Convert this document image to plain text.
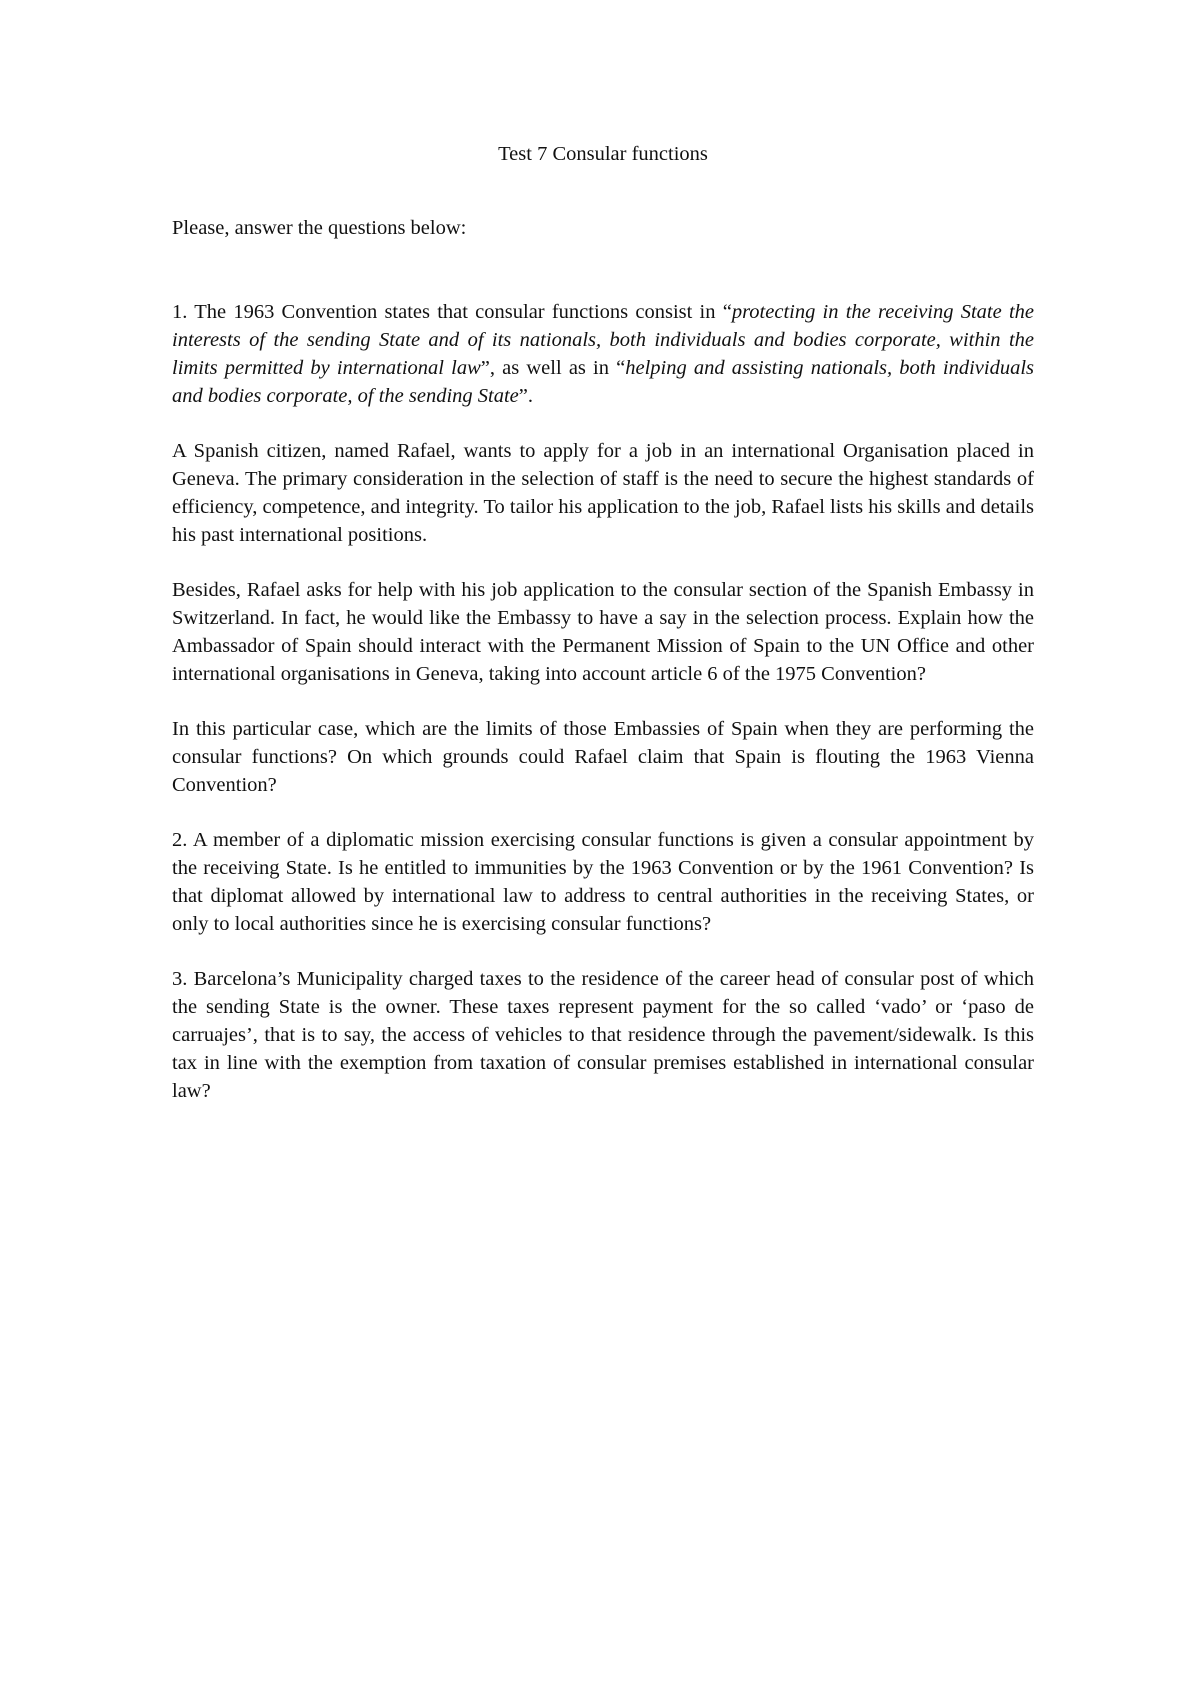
Test 7 Consular functions
Please, answer the questions below:

1. The 1963 Convention states that consular functions consist in “protecting in the receiving State the interests of the sending State and of its nationals, both individuals and bodies corporate, within the limits permitted by international law”, as well as in “helping and assisting nationals, both individuals and bodies corporate, of the sending State”.

A Spanish citizen, named Rafael, wants to apply for a job in an international Organisation placed in Geneva. The primary consideration in the selection of staff is the need to secure the highest standards of efficiency, competence, and integrity. To tailor his application to the job, Rafael lists his skills and details his past international positions.

Besides, Rafael asks for help with his job application to the consular section of the Spanish Embassy in Switzerland. In fact, he would like the Embassy to have a say in the selection process. Explain how the Ambassador of Spain should interact with the Permanent Mission of Spain to the UN Office and other international organisations in Geneva, taking into account article 6 of the 1975 Convention?

In this particular case, which are the limits of those Embassies of Spain when they are performing the consular functions? On which grounds could Rafael claim that Spain is flouting the 1963 Vienna Convention?

2. A member of a diplomatic mission exercising consular functions is given a consular appointment by the receiving State. Is he entitled to immunities by the 1963 Convention or by the 1961 Convention? Is that diplomat allowed by international law to address to central authorities in the receiving States, or only to local authorities since he is exercising consular functions?

3. Barcelona’s Municipality charged taxes to the residence of the career head of consular post of which the sending State is the owner. These taxes represent payment for the so called ‘vado’ or ‘paso de carruajes’, that is to say, the access of vehicles to that residence through the pavement/sidewalk. Is this tax in line with the exemption from taxation of consular premises established in international consular law?
